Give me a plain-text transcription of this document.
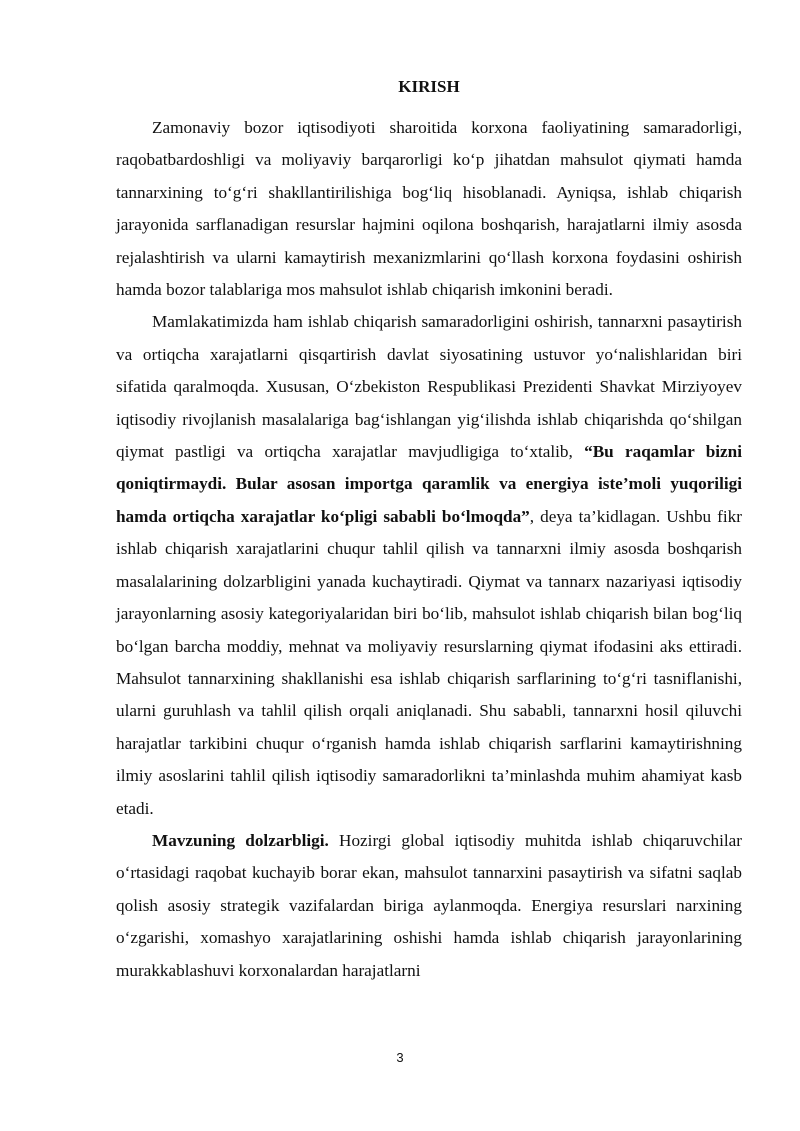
KIRISH

Zamonaviy bozor iqtisodiyoti sharoitida korxona faoliyatining samaradorligi, raqobatbardoshligi va moliyaviy barqarorligi koʻp jihatdan mahsulot qiymati hamda tannarxining toʻgʻri shakllantirilishiga bogʻliq hisoblanadi. Ayniqsa, ishlab chiqarish jarayonida sarflanadigan resurslar hajmini oqilona boshqarish, harajatlarni ilmiy asosda rejalashtirish va ularni kamaytirish mexanizmlarini qoʻllash korxona foydasini oshirish hamda bozor talablariga mos mahsulot ishlab chiqarish imkonini beradi.

Mamlakatimizda ham ishlab chiqarish samaradorligini oshirish, tannarxni pasaytirish va ortiqcha xarajatlarni qisqartirish davlat siyosatining ustuvor yoʻnalishlaridan biri sifatida qaralmoqda. Xususan, Oʻzbekiston Respublikasi Prezidenti Shavkat Mirziyoyev iqtisodiy rivojlanish masalalariga bagʻishlangan yigʻilishda ishlab chiqarishda qoʻshilgan qiymat pastligi va ortiqcha xarajatlar mavjudligiga toʻxtalib, “Bu raqamlar bizni qoniqtirmaydi. Bular asosan importga qaramlik va energiya iste’moli yuqoriligi hamda ortiqcha xarajatlar koʻpligi sababli boʻlmoqda”, deya ta’kidlagan. Ushbu fikr ishlab chiqarish xarajatlarini chuqur tahlil qilish va tannarxni ilmiy asosda boshqarish masalalarining dolzarbligini yanada kuchaytiradi. Qiymat va tannarx nazariyasi iqtisodiy jarayonlarning asosiy kategoriyalaridan biri boʻlib, mahsulot ishlab chiqarish bilan bogʻliq boʻlgan barcha moddiy, mehnat va moliyaviy resurslarning qiymat ifodasini aks ettiradi. Mahsulot tannarxining shakllanishi esa ishlab chiqarish sarflarining toʻgʻri tasniflanishi, ularni guruhlash va tahlil qilish orqali aniqlanadi. Shu sababli, tannarxni hosil qiluvchi harajatlar tarkibini chuqur oʻrganish hamda ishlab chiqarish sarflarini kamaytirishning ilmiy asoslarini tahlil qilish iqtisodiy samaradorlikni ta’minlashda muhim ahamiyat kasb etadi.

Mavzuning dolzarbligi. Hozirgi global iqtisodiy muhitda ishlab chiqaruvchilar oʻrtasidagi raqobat kuchayib borar ekan, mahsulot tannarxini pasaytirish va sifatni saqlab qolish asosiy strategik vazifalardan biriga aylanmoqda. Energiya resurslari narxining oʻzgarishi, xomashyo xarajatlarining oshishi hamda ishlab chiqarish jarayonlarining murakkablashuvi korxonalardan harajatlarni

3
